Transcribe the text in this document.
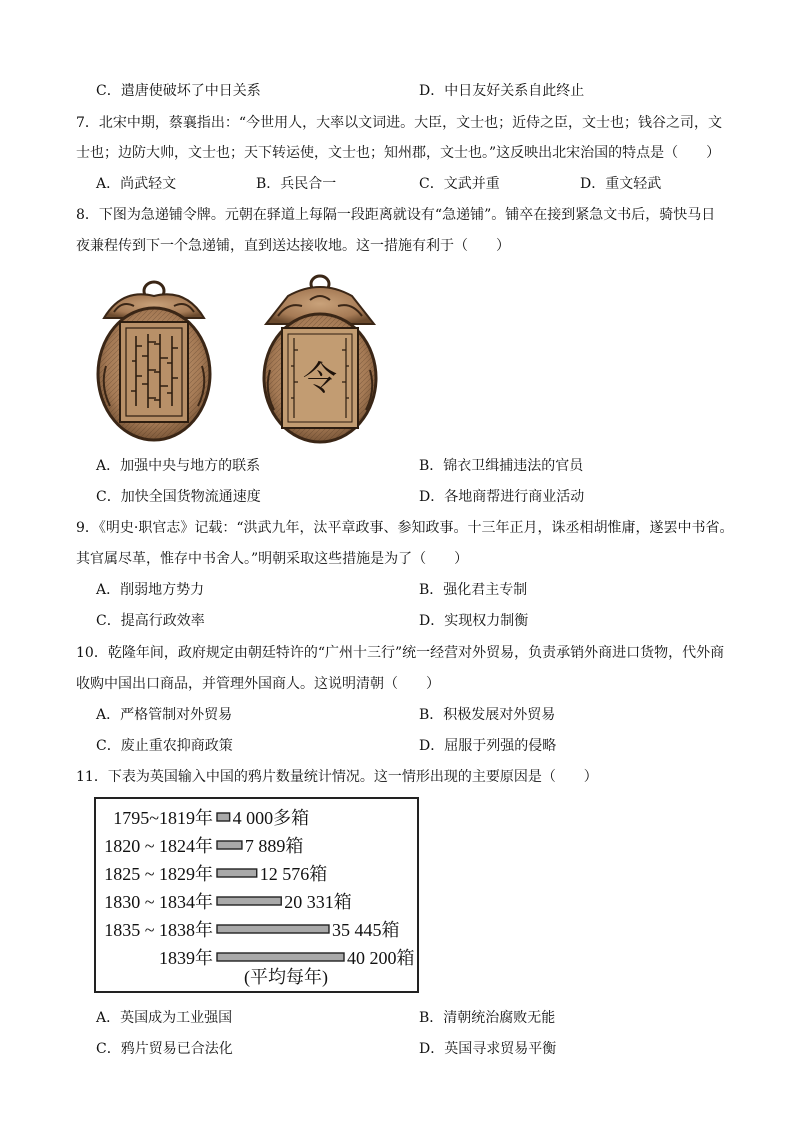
C．遣唐使破坏了中日关系	D．中日友好关系自此终止
7．北宋中期，蔡襄指出：“今世用人，大率以文词进。大臣，文士也；近侍之臣，文士也；钱谷之司，文
士也；边防大帅，文士也；天下转运使，文士也；知州郡，文士也。”这反映出北宋治国的特点是（　　）
A．尚武轻文	B．兵民合一	C．文武并重	D．重文轻武
8．下图为急递铺令牌。元朝在驿道上每隔一段距离就设有“急递铺”。铺卒在接到紧急文书后，骑快马日
夜兼程传到下一个急递铺，直到送达接收地。这一措施有利于（　　）
令
A．加强中央与地方的联系	B．锦衣卫缉捕违法的官员
C．加快全国货物流通速度	D．各地商帮进行商业活动
9．《明史·职官志》记载：“洪武九年，汰平章政事、参知政事。十三年正月，诛丞相胡惟庸，遂罢中书省。
其官属尽革，惟存中书舍人。”明朝采取这些措施是为了（　　）
A．削弱地方势力	B．强化君主专制
C．提高行政效率	D．实现权力制衡
10．乾隆年间，政府规定由朝廷特许的“广州十三行”统一经营对外贸易，负责承销外商进口货物，代外商
收购中国出口商品，并管理外国商人。这说明清朝（　　）
A．严格管制对外贸易	B．积极发展对外贸易
C．废止重农抑商政策	D．屈服于列强的侵略
11．下表为英国输入中国的鸦片数量统计情况。这一情形出现的主要原因是（　　）
1795~1819年 4 000多箱
1820 ~ 1824年 7 889箱
1825 ~ 1829年	12 576箱
1830 ~ 1834年	20 331箱
1835 ~ 1838年	35 445箱
1839年	40 200箱
(平均每年)
A．英国成为工业强国	B．清朝统治腐败无能
C．鸦片贸易已合法化	D．英国寻求贸易平衡
